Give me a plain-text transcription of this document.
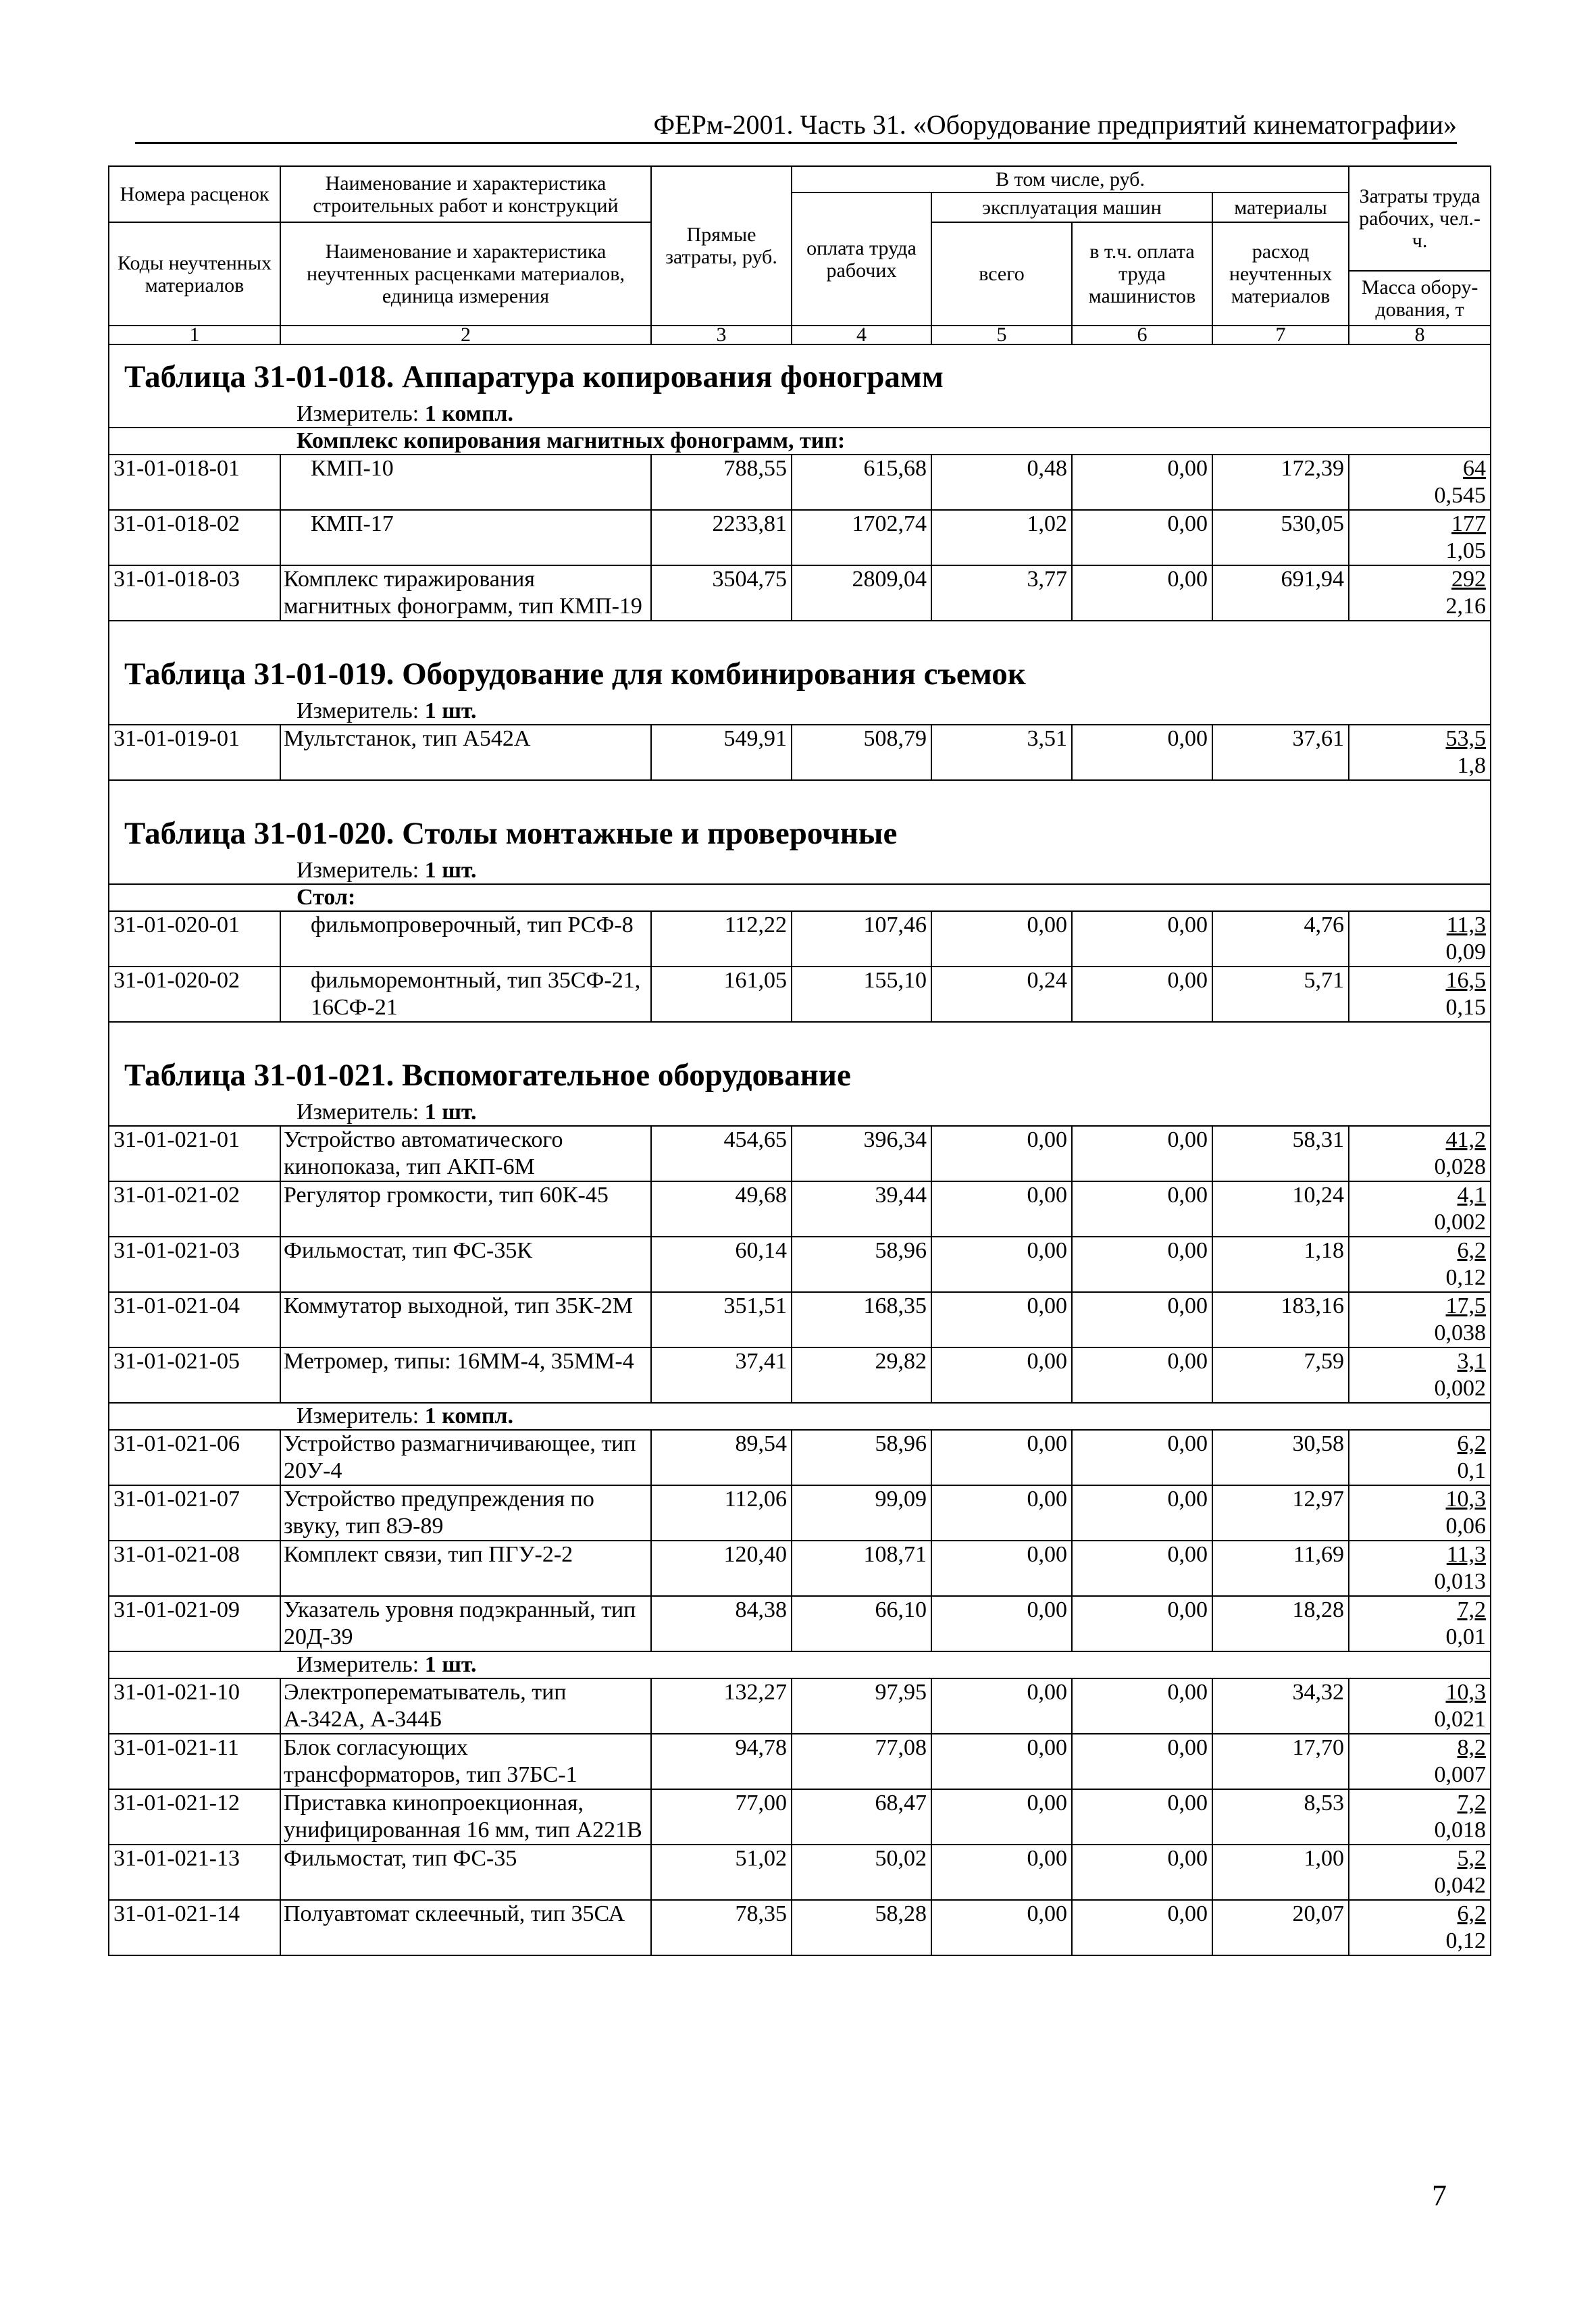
ФЕРм-2001. Часть 31. «Оборудование предприятий кинематографии»
Номера расценок	Наименование и характеристика строительных работ и конструкций	Прямые затраты, руб.	В том числе, руб.				Затраты труда рабочих, чел.-ч.
			оплата труда рабочих	эксплуатация машин		материалы	
Коды неучтенных материалов	Наименование и характеристика неучтенных расценками материалов, единица измерения			всего	в т.ч. оплата труда машинистов	расход неучтенных материалов	
							Масса обору-дования, т
1	2	3	4	5	6	7	8
Таблица 31-01-018. Аппаратура копирования фонограмм							
Измеритель: 1 компл.							
Комплекс копирования магнитных фонограмм, тип:							
31-01-018-01	КМП-10	788,55	615,68	0,48	0,00	172,39	64
0,545

31-01-018-02	КМП-17	2233,81	1702,74	1,02	0,00	530,05	177
1,05

31-01-018-03	Комплекс тиражирования магнитных фонограмм, тип КМП-19	3504,75	2809,04	3,77	0,00	691,94	292
2,16

Таблица 31-01-019. Оборудование для комбинирования съемок							
Измеритель: 1 шт.							
31-01-019-01	Мультстанок, тип А542А	549,91	508,79	3,51	0,00	37,61	53,5
1,8

Таблица 31-01-020. Столы монтажные и проверочные							
Измеритель: 1 шт.							
Стол:							
31-01-020-01	фильмопроверочный, тип РСФ-8	112,22	107,46	0,00	0,00	4,76	11,3
0,09

31-01-020-02	фильморемонтный, тип 35СФ-21, 16СФ-21	161,05	155,10	0,24	0,00	5,71	16,5
0,15

Таблица 31-01-021. Вспомогательное оборудование							
Измеритель: 1 шт.							
31-01-021-01	Устройство автоматического кинопоказа, тип АКП-6М	454,65	396,34	0,00	0,00	58,31	41,2
0,028

31-01-021-02	Регулятор громкости, тип 60К-45	49,68	39,44	0,00	0,00	10,24	4,1
0,002

31-01-021-03	Фильмостат, тип ФС-35К	60,14	58,96	0,00	0,00	1,18	6,2
0,12

31-01-021-04	Коммутатор выходной, тип 35К-2М	351,51	168,35	0,00	0,00	183,16	17,5
0,038

31-01-021-05	Метромер, типы: 16ММ-4, 35ММ-4	37,41	29,82	0,00	0,00	7,59	3,1
0,002

Измеритель: 1 компл.							
31-01-021-06	Устройство размагничивающее, тип 20У-4	89,54	58,96	0,00	0,00	30,58	6,2
0,1

31-01-021-07	Устройство предупреждения по звуку, тип 8Э-89	112,06	99,09	0,00	0,00	12,97	10,3
0,06

31-01-021-08	Комплект связи, тип ПГУ-2-2	120,40	108,71	0,00	0,00	11,69	11,3
0,013

31-01-021-09	Указатель уровня подэкранный, тип 20Д-39	84,38	66,10	0,00	0,00	18,28	7,2
0,01

Измеритель: 1 шт.							
31-01-021-10	Электроперематыватель, тип А-342А, А-344Б	132,27	97,95	0,00	0,00	34,32	10,3
0,021

31-01-021-11	Блок согласующих трансформаторов, тип 37БС-1	94,78	77,08	0,00	0,00	17,70	8,2
0,007

31-01-021-12	Приставка кинопроекционная, унифицированная 16 мм, тип А221В	77,00	68,47	0,00	0,00	8,53	7,2
0,018

31-01-021-13	Фильмостат, тип ФС-35	51,02	50,02	0,00	0,00	1,00	5,2
0,042

31-01-021-14	Полуавтомат склеечный, тип 35СА	78,35	58,28	0,00	0,00	20,07	6,2
0,12
7
